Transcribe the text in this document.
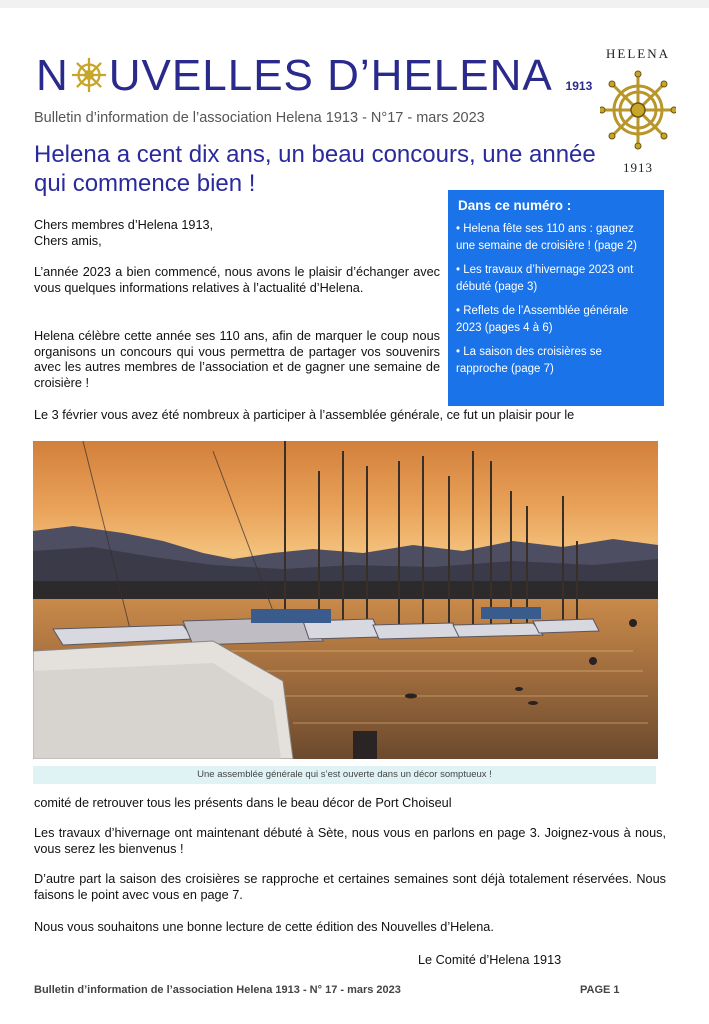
N UVELLES D’HELENA 1913
HELENA
1913
Bulletin d’information de l’association Helena 1913 - N°17 - mars 2023
Helena a cent dix ans, un beau concours, une année qui commence bien !
Dans ce numéro :
• Helena fête ses 110 ans : gagnez une semaine de croisière ! (page 2)
• Les travaux d’hivernage 2023 ont débuté (page 3)
• Reflets de l’Assemblée générale 2023 (pages 4 à 6)
• La saison des croisières se rapproche (page 7)
Chers membres d’Helena 1913,
Chers amis,
L’année 2023 a bien commencé, nous avons le plaisir d’échanger avec vous quelques informations relatives à l’actualité d’Helena.
Helena célèbre cette année ses 110 ans, afin de marquer le coup nous organisons un concours qui vous permettra de partager vos souvenirs avec les autres membres de l’association et de gagner une semaine de croisière !
Le 3 février vous avez été nombreux à participer à l’assemblée générale, ce fut un plaisir pour le
Une assemblée générale qui s’est ouverte dans un décor somptueux !
comité de retrouver tous les présents dans le beau décor de Port Choiseul
Les travaux d’hivernage ont maintenant débuté à Sète, nous vous en parlons en page 3. Joignez-vous à nous, vous serez les bienvenus !
D’autre part la saison des croisières se rapproche et certaines semaines sont déjà totalement réservées. Nous faisons le point avec vous en page 7.
Nous vous souhaitons une bonne lecture de cette édition des Nouvelles d’Helena.
Le Comité d’Helena 1913
Bulletin d’information de l’association Helena 1913 - N° 17 - mars 2023	PAGE 1
